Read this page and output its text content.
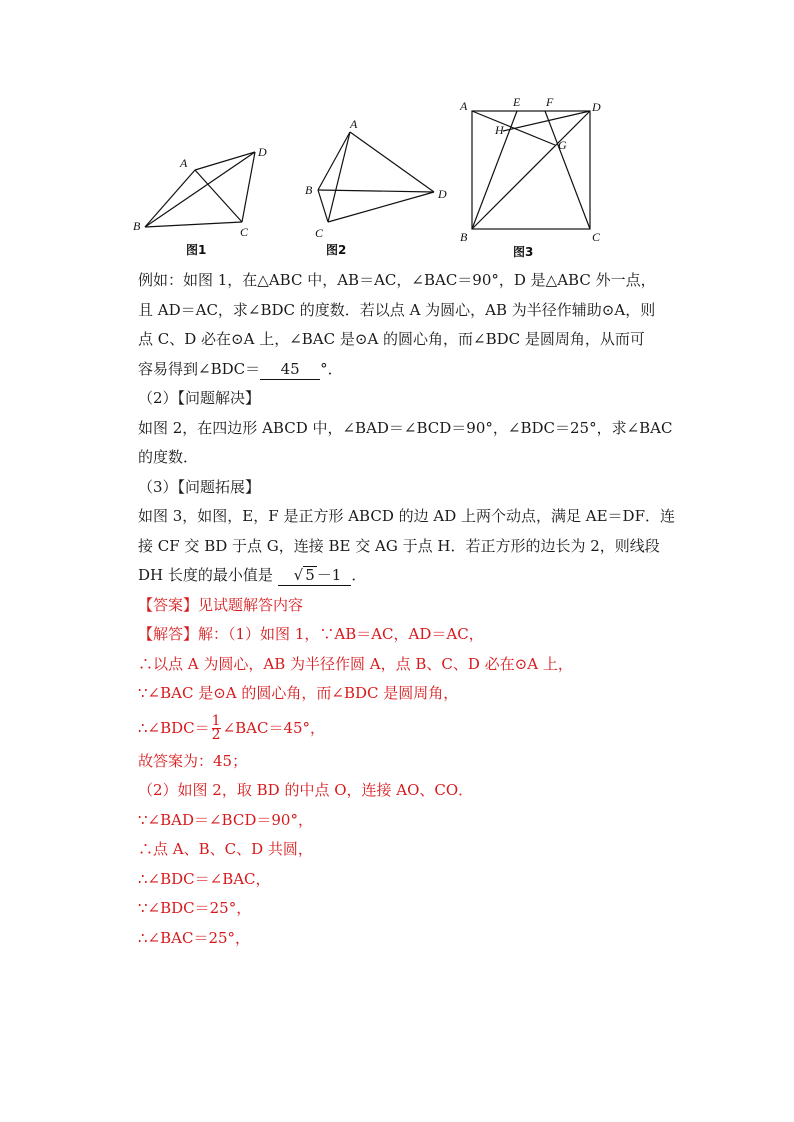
A
B	C
D
图1
A
B
C
D
图2
A	E F	D
H
G
B	C
图3
例如：如图 1，在△ABC 中，AB＝AC，∠BAC＝90°，D 是△ABC 外一点，
且 AD＝AC，求∠BDC 的度数．若以点 A 为圆心，AB 为半径作辅助⊙A，则
点 C、D 必在⊙A 上，∠BAC 是⊙A 的圆心角，而∠BDC 是圆周角，从而可
容易得到∠BDC＝ 45 °．
（2）【问题解决】
如图 2，在四边形 ABCD 中，∠BAD＝∠BCD＝90°，∠BDC＝25°，求∠BAC
的度数．
（3）【问题拓展】
如图 3，如图，E，F 是正方形 ABCD 的边 AD 上两个动点，满足 AE＝DF．连
接 CF 交 BD 于点 G，连接 BE 交 AG 于点 H．若正方形的边长为 2，则线段
DH 长度的最小值是 √ 5 －1 ．
【答案】见试题解答内容
【解答】解：（1）如图 1，∵AB＝AC，AD＝AC，
∴以点 A 为圆心，AB 为半径作圆 A，点 B、C、D 必在⊙A 上，
∵∠BAC 是⊙A 的圆心角，而∠BDC 是圆周角，
∴∠BDC＝ $\frac{1}{2}$ ∠BAC＝45°，
故答案为：45；
（2）如图 2，取 BD 的中点 O，连接 AO、CO．
∵∠BAD＝∠BCD＝90°，
∴点 A、B、C、D 共圆，
∴∠BDC＝∠BAC，
∵∠BDC＝25°，
∴∠BAC＝25°，
